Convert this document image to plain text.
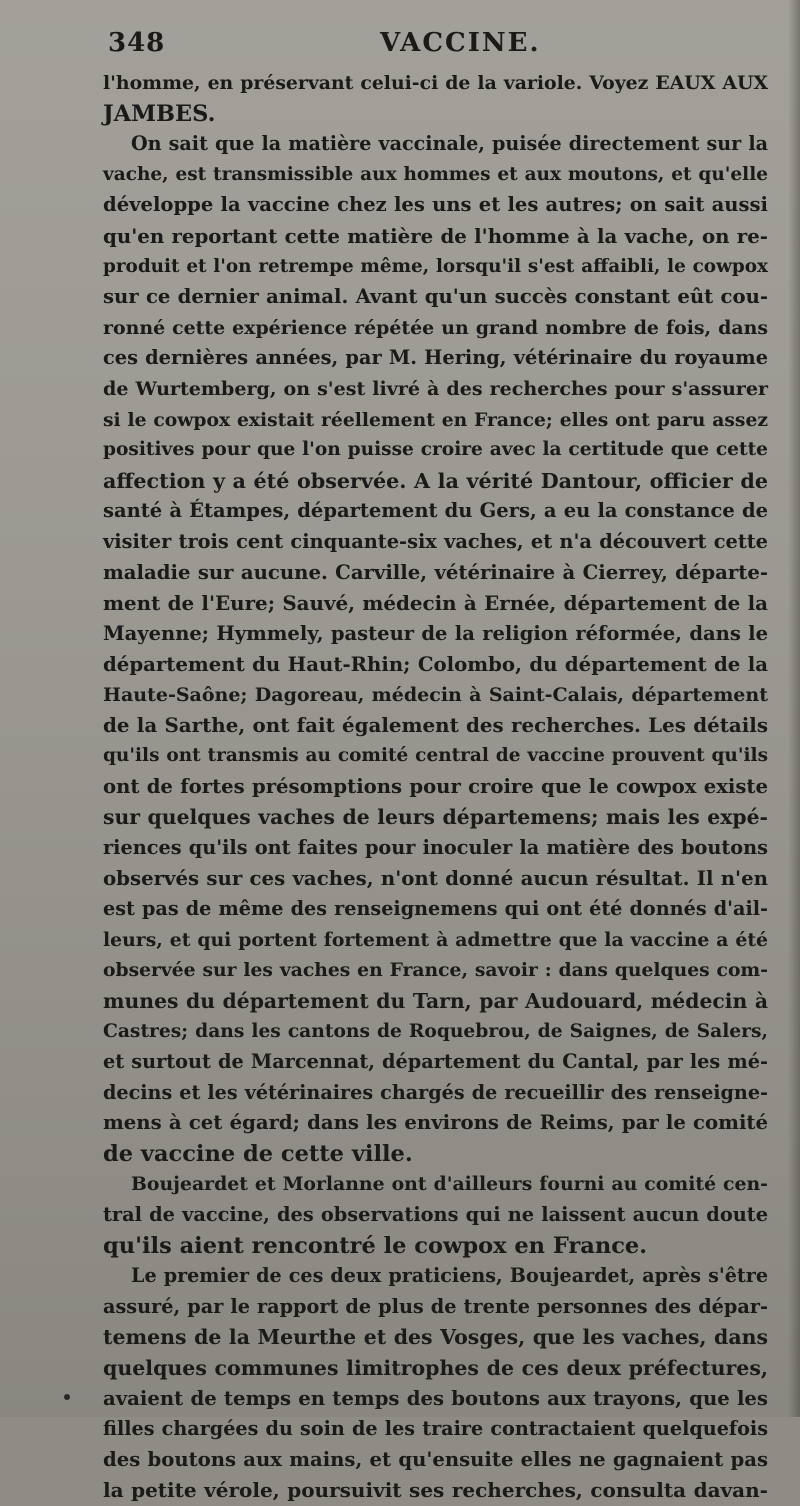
348	VACCINE.
l'homme, en préservant celui-ci de la variole. Voyez EAUX AUX
JAMBES.
On sait que la matière vaccinale, puisée directement sur la
vache, est transmissible aux hommes et aux moutons, et qu'elle
développe la vaccine chez les uns et les autres; on sait aussi
qu'en reportant cette matière de l'homme à la vache, on re-
produit et l'on retrempe même, lorsqu'il s'est affaibli, le cowpox
sur ce dernier animal. Avant qu'un succès constant eût cou-
ronné cette expérience répétée un grand nombre de fois, dans
ces dernières années, par M. Hering, vétérinaire du royaume
de Wurtemberg, on s'est livré à des recherches pour s'assurer
si le cowpox existait réellement en France; elles ont paru assez
positives pour que l'on puisse croire avec la certitude que cette
affection y a été observée. A la vérité Dantour, officier de
santé à Étampes, département du Gers, a eu la constance de
visiter trois cent cinquante-six vaches, et n'a découvert cette
maladie sur aucune. Carville, vétérinaire à Cierrey, départe-
ment de l'Eure; Sauvé, médecin à Ernée, département de la
Mayenne; Hymmely, pasteur de la religion réformée, dans le
département du Haut-Rhin; Colombo, du département de la
Haute-Saône; Dagoreau, médecin à Saint-Calais, département
de la Sarthe, ont fait également des recherches. Les détails
qu'ils ont transmis au comité central de vaccine prouvent qu'ils
ont de fortes présomptions pour croire que le cowpox existe
sur quelques vaches de leurs départemens; mais les expé-
riences qu'ils ont faites pour inoculer la matière des boutons
observés sur ces vaches, n'ont donné aucun résultat. Il n'en
est pas de même des renseignemens qui ont été donnés d'ail-
leurs, et qui portent fortement à admettre que la vaccine a été
observée sur les vaches en France, savoir : dans quelques com-
munes du département du Tarn, par Audouard, médecin à
Castres; dans les cantons de Roquebrou, de Saignes, de Salers,
et surtout de Marcennat, département du Cantal, par les mé-
decins et les vétérinaires chargés de recueillir des renseigne-
mens à cet égard; dans les environs de Reims, par le comité
de vaccine de cette ville.
Boujeardet et Morlanne ont d'ailleurs fourni au comité cen-
tral de vaccine, des observations qui ne laissent aucun doute
qu'ils aient rencontré le cowpox en France.
Le premier de ces deux praticiens, Boujeardet, après s'être
assuré, par le rapport de plus de trente personnes des dépar-
temens de la Meurthe et des Vosges, que les vaches, dans
quelques communes limitrophes de ces deux préfectures,
avaient de temps en temps des boutons aux trayons, que les
filles chargées du soin de les traire contractaient quelquefois
des boutons aux mains, et qu'ensuite elles ne gagnaient pas
la petite vérole, poursuivit ses recherches, consulta davan-
